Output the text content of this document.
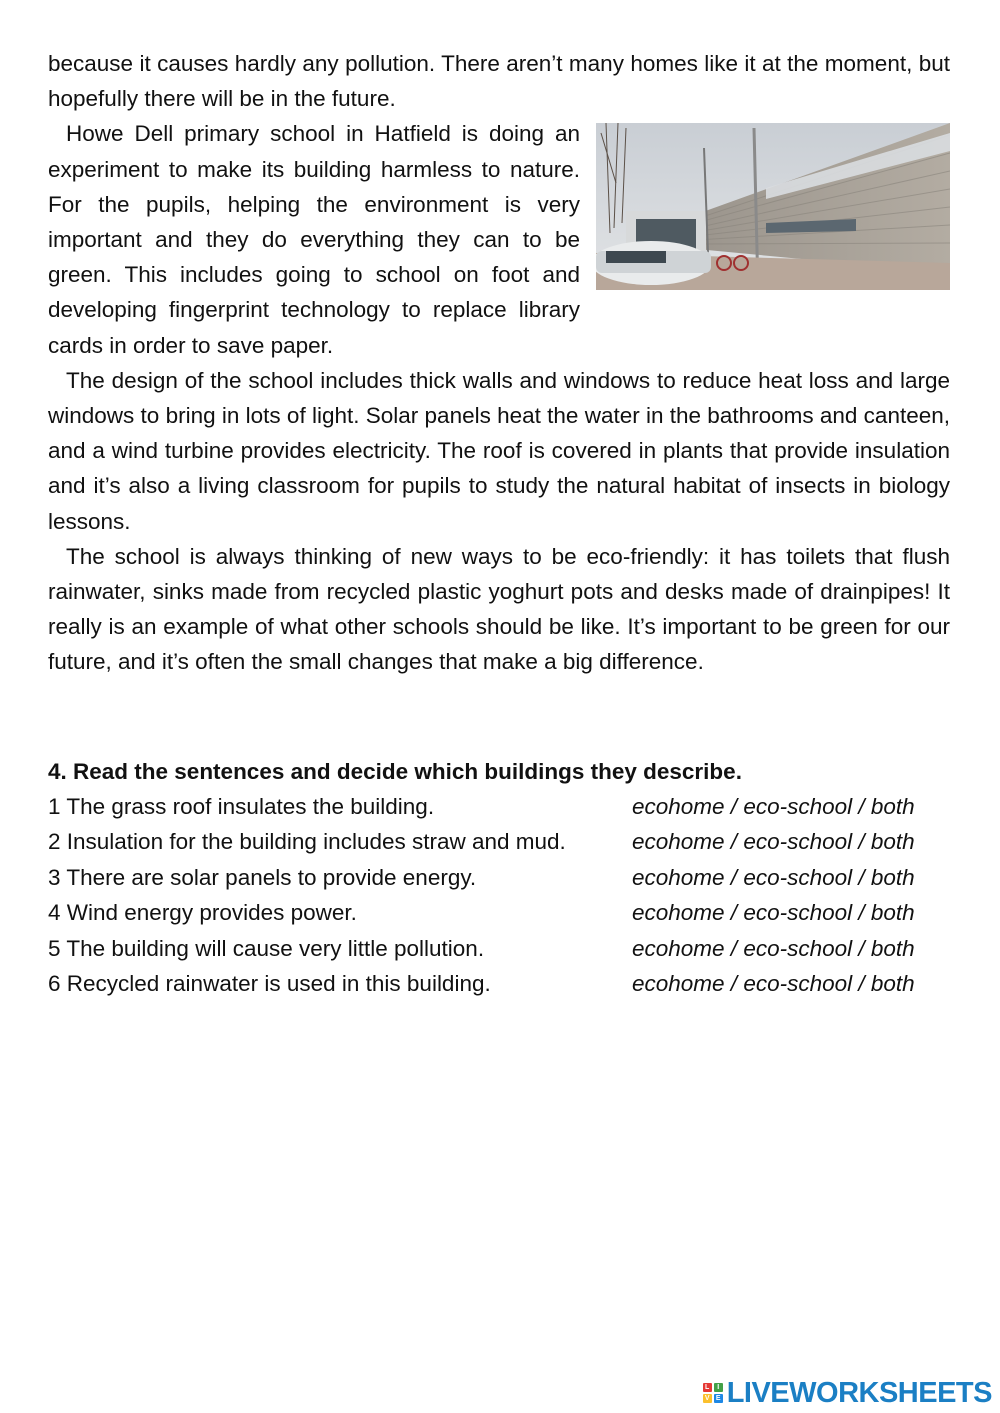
because it causes hardly any pollution. There aren’t many homes like it at the moment, but hopefully there will be in the future.

Howe Dell primary school in Hatfield is doing an experiment to make its building harmless to nature. For the pupils, helping the environment is very important and they do everything they can to be green. This includes going to school on foot and developing fingerprint technology to replace library cards in order to save paper.

The design of the school includes thick walls and windows to reduce heat loss and large windows to bring in lots of light. Solar panels heat the water in the bathrooms and canteen, and a wind turbine provides electricity. The roof is covered in plants that provide insulation and it’s also a living classroom for pupils to study the natural habitat of insects in biology lessons.

The school is always thinking of new ways to be eco-friendly: it has toilets that flush rainwater, sinks made from recycled plastic yoghurt pots and desks made of drainpipes! It really is an example of what other schools should be like. It’s important to be green for our future, and it’s often the small changes that make a big difference.

4. Read the sentences and decide which buildings they describe.
1 The grass roof insulates the building.	ecohome / eco-school / both
2 Insulation for the building includes straw and mud.	ecohome / eco-school / both
3 There are solar panels to provide energy.	ecohome / eco-school / both
4 Wind energy provides power.	ecohome / eco-school / both
5 The building will cause very little pollution.	ecohome / eco-school / both
6 Recycled rainwater is used in this building.	ecohome / eco-school / both
L	I
V E LIVEWORKSHEETS
